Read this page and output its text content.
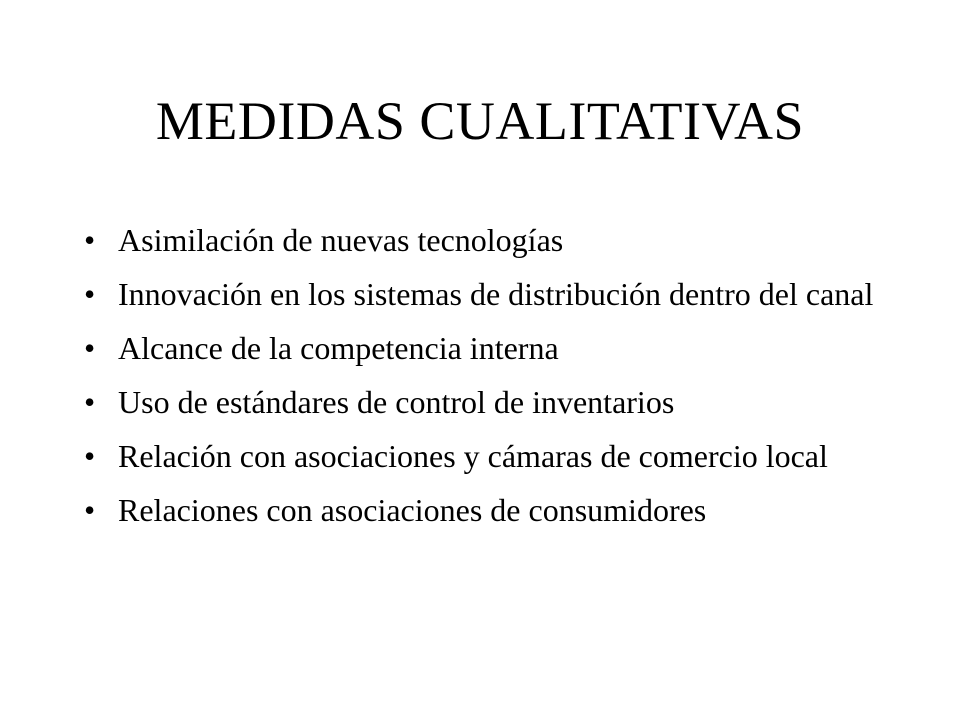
MEDIDAS CUALITATIVAS
• Asimilación de nuevas tecnologías
• Innovación en los sistemas de distribución dentro del canal
• Alcance de la competencia interna
• Uso de estándares de control de inventarios
• Relación con asociaciones y cámaras de comercio local
• Relaciones con asociaciones de consumidores
